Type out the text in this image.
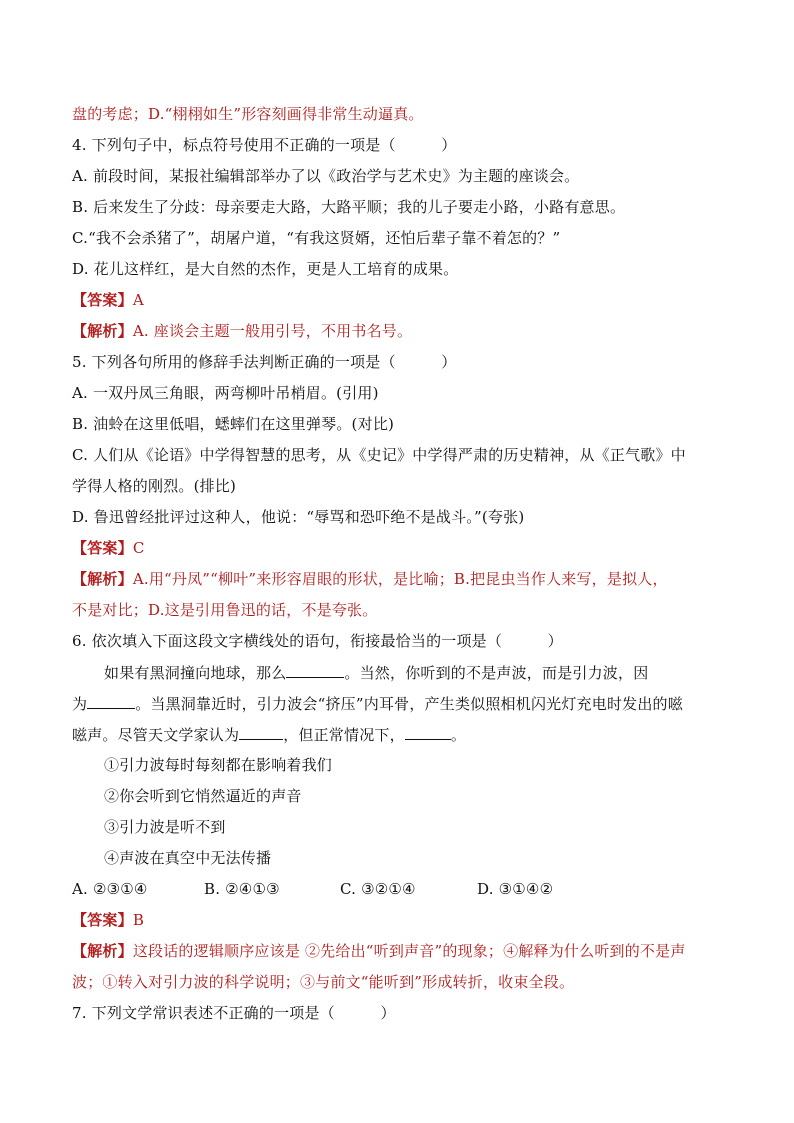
盘的考虑；D.“栩栩如生”形容刻画得非常生动逼真。
4. 下列句子中，标点符号使用不正确的一项是（　　　）
A. 前段时间，某报社编辑部举办了以《政治学与艺术史》为主题的座谈会。
B. 后来发生了分歧：母亲要走大路，大路平顺；我的儿子要走小路，小路有意思。
C.“我不会杀猪了”，胡屠户道，“有我这贤婿，还怕后辈子靠不着怎的？”
D. 花儿这样红，是大自然的杰作，更是人工培育的成果。
【答案】A
【解析】A. 座谈会主题一般用引号，不用书名号。
5. 下列各句所用的修辞手法判断正确的一项是（　　　）
A. 一双丹凤三角眼，两弯柳叶吊梢眉。(引用)
B. 油蛉在这里低唱，蟋蟀们在这里弹琴。(对比)
C. 人们从《论语》中学得智慧的思考，从《史记》中学得严肃的历史精神，从《正气歌》中
学得人格的刚烈。(排比)
D. 鲁迅曾经批评过这种人，他说：“辱骂和恐吓绝不是战斗。”(夸张)
【答案】C
【解析】A.用“丹凤”“柳叶”来形容眉眼的形状，是比喻；B.把昆虫当作人来写，是拟人，
不是对比；D.这是引用鲁迅的话，不是夸张。
6. 依次填入下面这段文字横线处的语句，衔接最恰当的一项是（　　　）
如果有黑洞撞向地球，那么	。当然，你听到的不是声波，而是引力波，因
为	。当黑洞靠近时，引力波会“挤压”内耳骨，产生类似照相机闪光灯充电时发出的嗞
嗞声。尽管天文学家认为	，但正常情况下，	。
①引力波每时每刻都在影响着我们
②你会听到它悄然逼近的声音
③引力波是听不到
④声波在真空中无法传播
A. ②③①④	B. ②④①③	C. ③②①④	D. ③①④②
【答案】B
【解析】这段话的逻辑顺序应该是 ②先给出“听到声音”的现象；④解释为什么听到的不是声
波；①转入对引力波的科学说明；③与前文“能听到”形成转折，收束全段。
7. 下列文学常识表述不正确的一项是（　　　）
